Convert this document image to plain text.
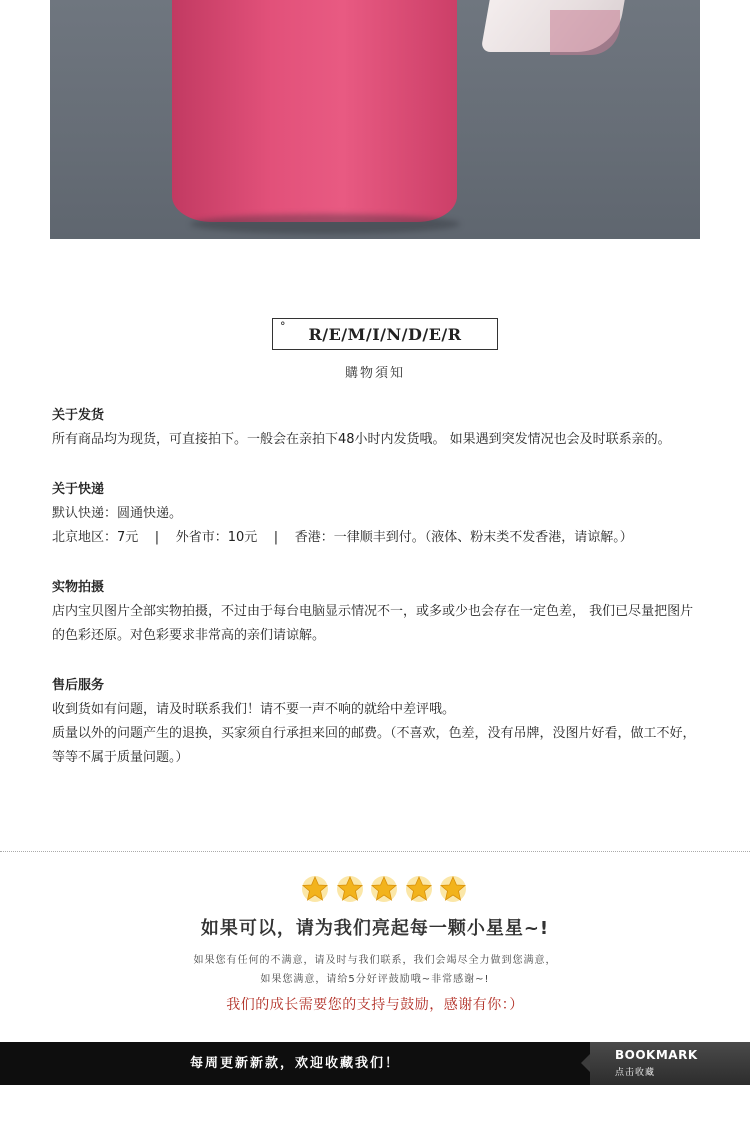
° R/E/M/I/N/D/E/R
購物須知

关于发货

所有商品均为现货，可直接拍下。一般会在亲拍下48小时内发货哦。 如果遇到突发情况也会及时联系亲的。

关于快递

默认快递：圆通快递。

北京地区：7元    |    外省市：10元    |    香港：一律顺丰到付。（液体、粉末类不发香港，请谅解。）

实物拍摄

店内宝贝图片全部实物拍摄，不过由于每台电脑显示情况不一，或多或少也会存在一定色差， 我们已尽量把图片的色彩还原。对色彩要求非常高的亲们请谅解。

售后服务

收到货如有问题，请及时联系我们！请不要一声不响的就给中差评哦。

质量以外的问题产生的退换，买家须自行承担来回的邮费。（不喜欢，色差，没有吊牌，没图片好看，做工不好，等等不属于质量问题。）

如果可以，请为我们亮起每一颗小星星~!
如果您有任何的不满意，请及时与我们联系，我们会竭尽全力做到您满意，
如果您满意，请给5分好评鼓励哦~非常感谢~!
我们的成长需要您的支持与鼓励，感谢有你：）
每周更新新款，欢迎收藏我们！
BOOKMARK
点击收藏
